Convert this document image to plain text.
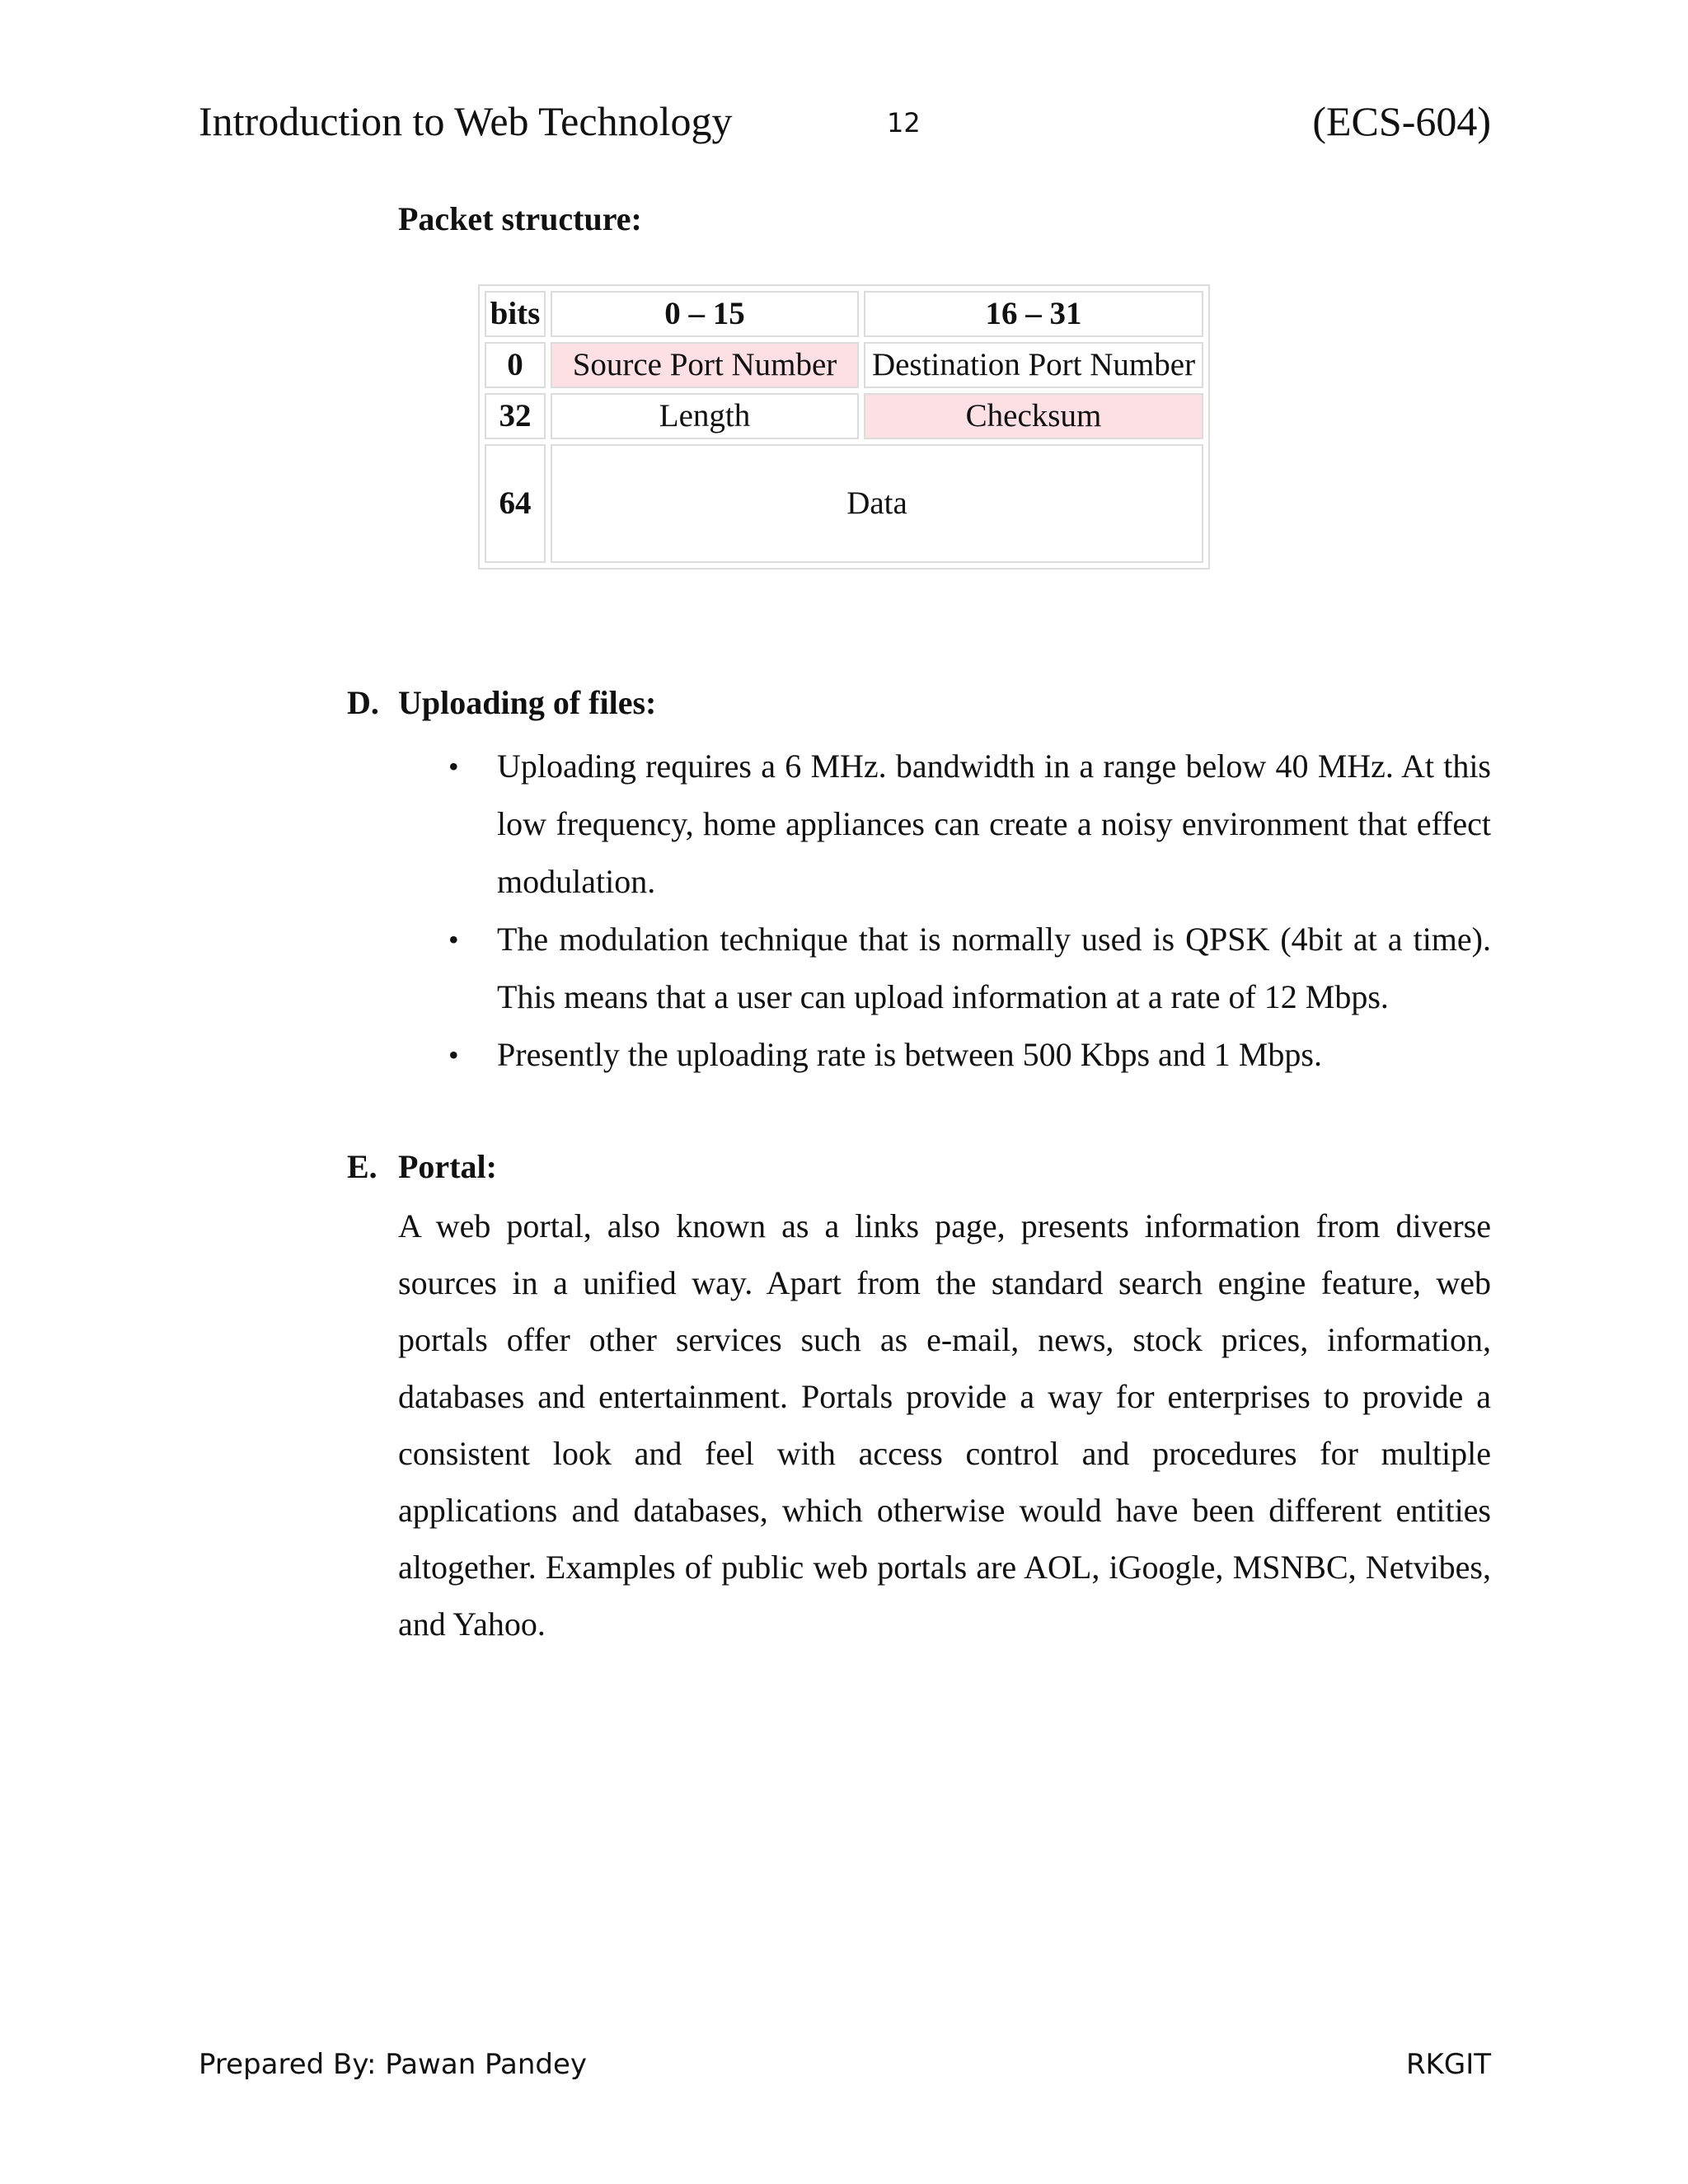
Introduction to Web Technology	12	(ECS-604)
Packet structure:
bits	0 – 15	16 – 31
0	Source Port Number	Destination Port Number
32	Length	Checksum
64	Data	
D. Uploading of files:
• Uploading requires a 6 MHz. bandwidth in a range below 40 MHz. At this low frequency, home appliances can create a noisy environment that effect modulation.
• The modulation technique that is normally used is QPSK (4bit at a time). This means that a user can upload information at a rate of 12 Mbps.
• Presently the uploading rate is between 500 Kbps and 1 Mbps.
E. Portal:

A web portal, also known as a links page, presents information from diverse sources in a unified way. Apart from the standard search engine feature, web portals offer other services such as e-mail, news, stock prices, information, databases and entertainment. Portals provide a way for enterprises to provide a consistent look and feel with access control and procedures for multiple applications and databases, which otherwise would have been different entities altogether. Examples of public web portals are AOL, iGoogle, MSNBC, Netvibes, and Yahoo.

Prepared By: Pawan Pandey	RKGIT
